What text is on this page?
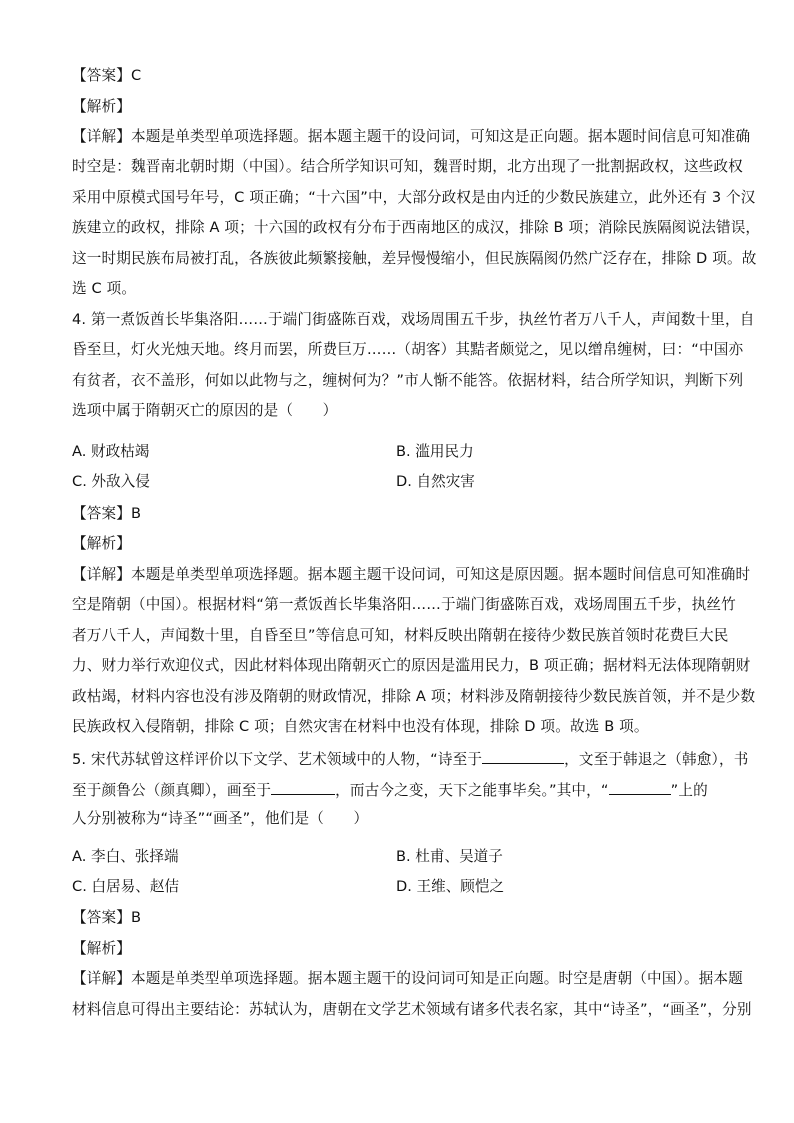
【答案】C
【解析】
【详解】本题是单类型单项选择题。据本题主题干的设问词，可知这是正向题。据本题时间信息可知准确
时空是：魏晋南北朝时期（中国）。结合所学知识可知，魏晋时期，北方出现了一批割据政权，这些政权
采用中原模式国号年号，C 项正确；“十六国”中，大部分政权是由内迁的少数民族建立，此外还有 3 个汉
族建立的政权，排除 A 项；十六国的政权有分布于西南地区的成汉，排除 B 项；消除民族隔阂说法错误，
这一时期民族布局被打乱，各族彼此频繁接触，差异慢慢缩小，但民族隔阂仍然广泛存在，排除 D 项。故
选 C 项。
4. 第一煮饭酋长毕集洛阳……于端门街盛陈百戏，戏场周围五千步，执丝竹者万八千人，声闻数十里，自
昏至旦，灯火光烛天地。终月而罢，所费巨万……（胡客）其黠者颇觉之，见以缯帛缠树，曰：“中国亦
有贫者，衣不盖形，何如以此物与之，缠树何为？”市人惭不能答。依据材料，结合所学知识，判断下列
选项中属于隋朝灭亡的原因的是（　　）
A. 财政枯竭	B. 滥用民力
C. 外敌入侵	D. 自然灾害
【答案】B
【解析】
【详解】本题是单类型单项选择题。据本题主题干设问词，可知这是原因题。据本题时间信息可知准确时
空是隋朝（中国）。根据材料“第一煮饭酋长毕集洛阳……于端门街盛陈百戏，戏场周围五千步，执丝竹
者万八千人，声闻数十里，自昏至旦”等信息可知，材料反映出隋朝在接待少数民族首领时花费巨大民
力、财力举行欢迎仪式，因此材料体现出隋朝灭亡的原因是滥用民力，B 项正确；据材料无法体现隋朝财
政枯竭，材料内容也没有涉及隋朝的财政情况，排除 A 项；材料涉及隋朝接待少数民族首领，并不是少数
民族政权入侵隋朝，排除 C 项；自然灾害在材料中也没有体现，排除 D 项。故选 B 项。
5. 宋代苏轼曾这样评价以下文学、艺术领域中的人物，“诗至于	，文至于韩退之（韩愈），书
至于颜鲁公（颜真卿），画至于	，而古今之变，天下之能事毕矣。”其中，“	”上的
人分别被称为“诗圣”“画圣”，他们是（　　）
A. 李白、张择端	B. 杜甫、吴道子
C. 白居易、赵佶	D. 王维、顾恺之
【答案】B
【解析】
【详解】本题是单类型单项选择题。据本题主题干的设问词可知是正向题。时空是唐朝（中国）。据本题
材料信息可得出主要结论：苏轼认为，唐朝在文学艺术领域有诸多代表名家，其中“诗圣”，“画圣”，分别
